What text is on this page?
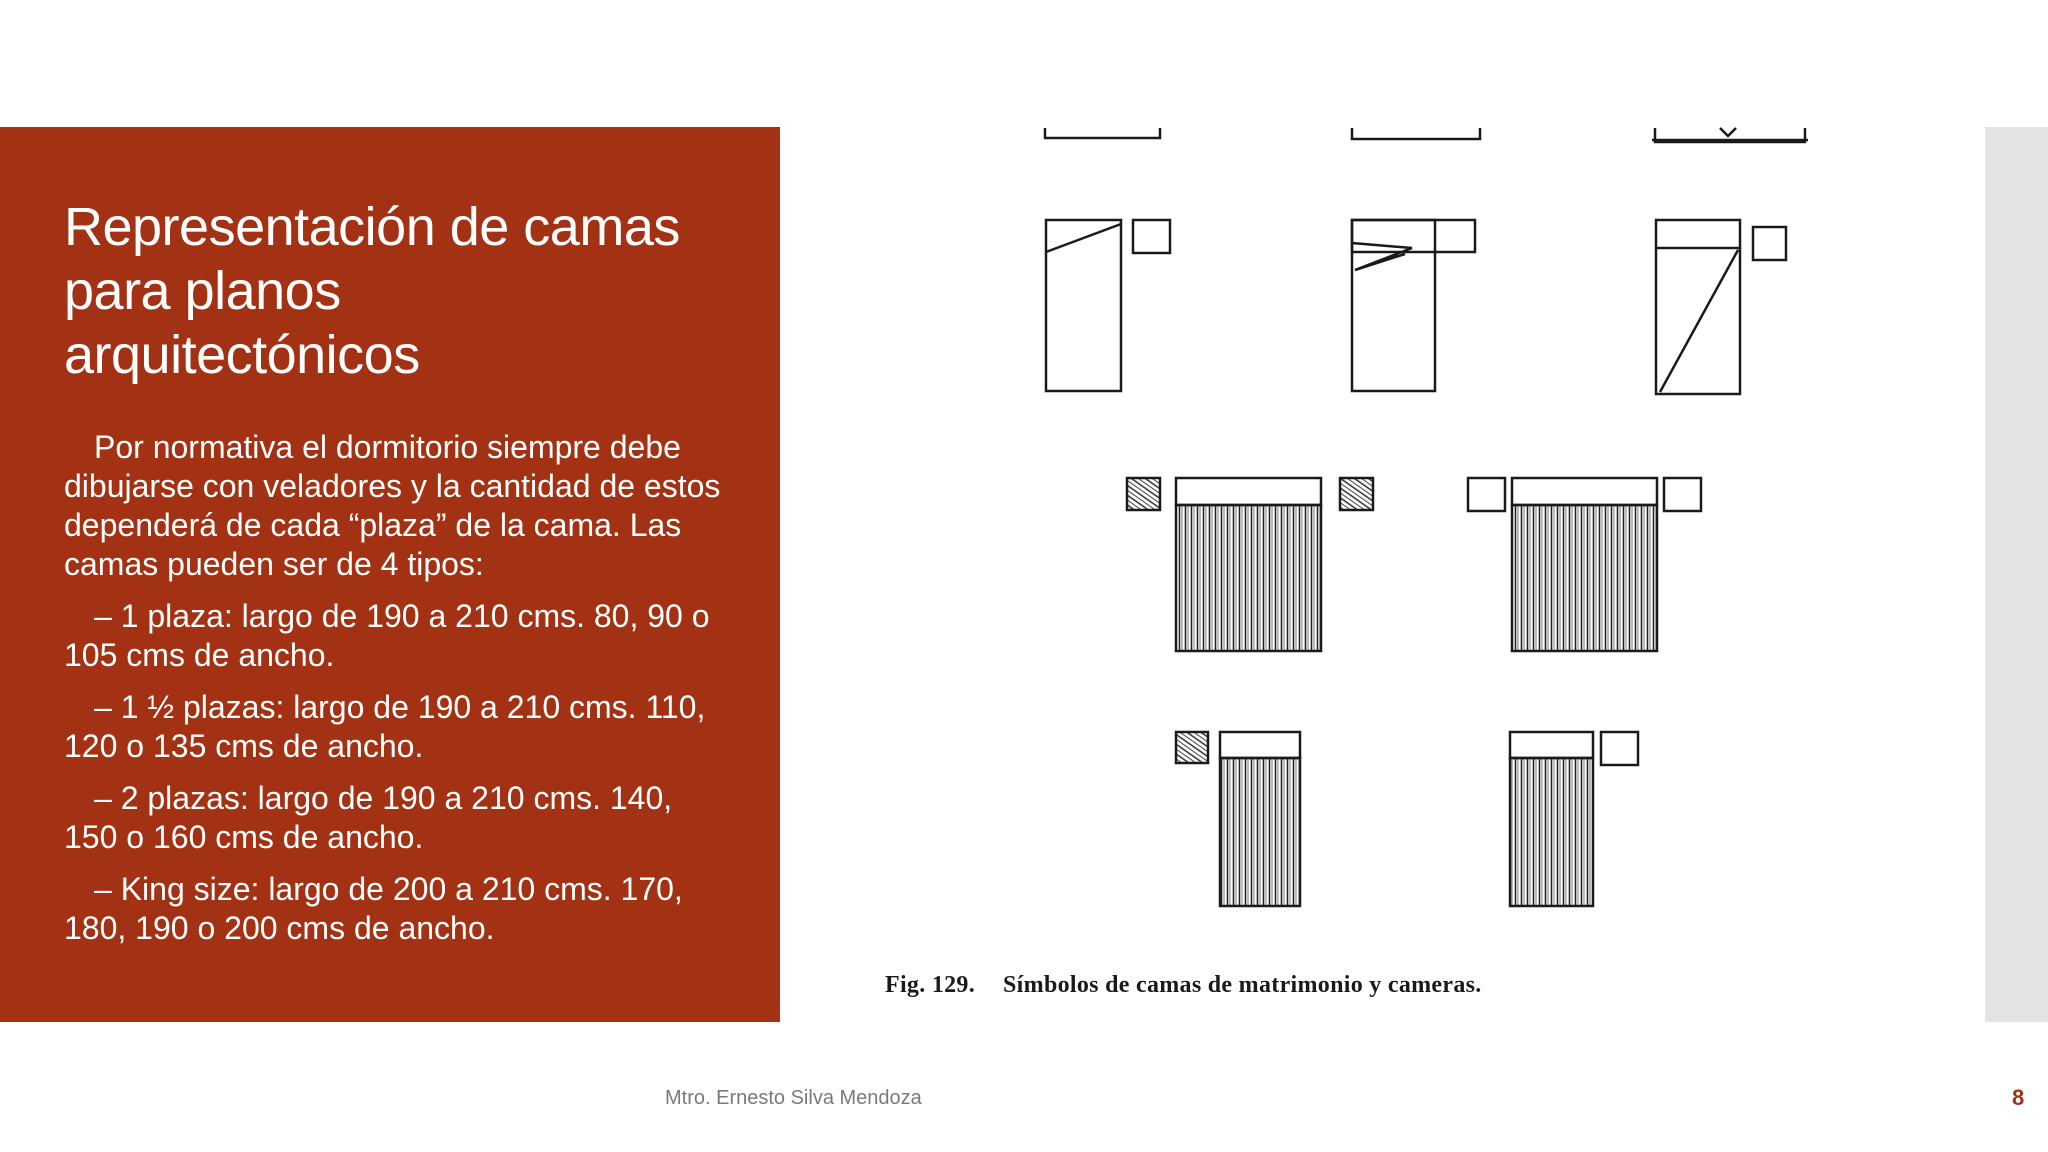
Representación de camas
para planos
arquitectónicos

Por normativa el dormitorio siempre debe dibujarse con veladores y la cantidad de estos dependerá de cada “plaza” de la cama. Las camas pueden ser de 4 tipos:

– 1 plaza: largo de 190 a 210 cms. 80, 90 o 105 cms de ancho.

– 1 ½ plazas: largo de 190 a 210 cms. 110, 120 o 135 cms de ancho.

– 2 plazas: largo de 190 a 210 cms. 140, 150 o 160 cms de ancho.

– King size: largo de 200 a 210 cms. 170, 180, 190 o 200 cms de ancho.

Fig. 129. Símbolos de camas de matrimonio y cameras.
Mtro. Ernesto Silva Mendoza	8
